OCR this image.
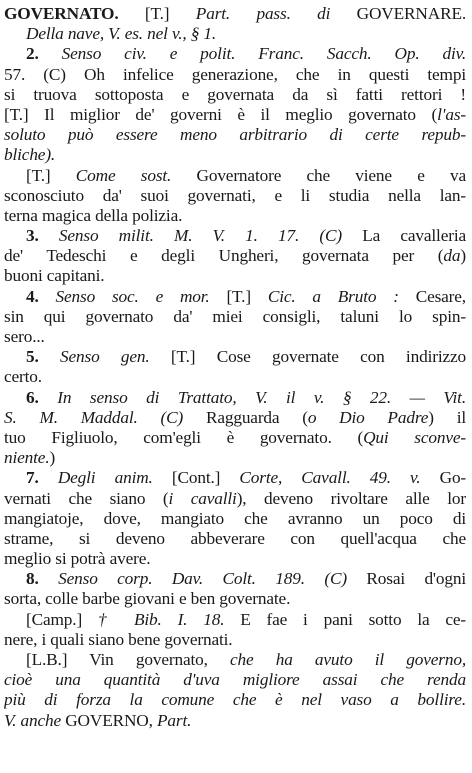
GOVERNATO. [T.] Part. pass. di GOVERNARE.
Della nave, V. es. nel v., § 1.
2. Senso civ. e polit. Franc. Sacch. Op. div.
57. (C) Oh infelice generazione, che in questi tempi
si truova sottoposta e governata da sì fatti rettori !
[T.] Il miglior de' governi è il meglio governato (l'as-
soluto può essere meno arbitrario di certe repub-
bliche).
[T.] Come sost. Governatore che viene e va
sconosciuto da' suoi governati, e li studia nella lan-
terna magica della polizia.
3. Senso milit. M. V. 1. 17. (C) La cavalleria
de' Tedeschi e degli Ungheri, governata per (da)
buoni capitani.
4. Senso soc. e mor. [T.] Cic. a Bruto : Cesare,
sin qui governato da' miei consigli, taluni lo spin-
sero...
5. Senso gen. [T.] Cose governate con indirizzo
certo.
6. In senso di Trattato, V. il v. § 22. — Vit.
S. M. Maddal. (C) Ragguarda (o Dio Padre) il
tuo Figliuolo, com'egli è governato. (Qui sconve-
niente.)
7. Degli anim. [Cont.] Corte, Cavall. 49. v. Go-
vernati che siano (i cavalli), deveno rivoltare alle lor
mangiatoje, dove, mangiato che avranno un poco di
strame, si deveno abbeverare con quell'acqua che
meglio si potrà avere.
8. Senso corp. Dav. Colt. 189. (C) Rosai d'ogni
sorta, colle barbe giovani e ben governate.
[Camp.] † Bib. I. 18. E fae i pani sotto la ce-
nere, i quali siano bene governati.
[L.B.] Vin governato, che ha avuto il governo,
cioè una quantità d'uva migliore assai che renda
più di forza la comune che è nel vaso a bollire.
V. anche GOVERNO, Part.
